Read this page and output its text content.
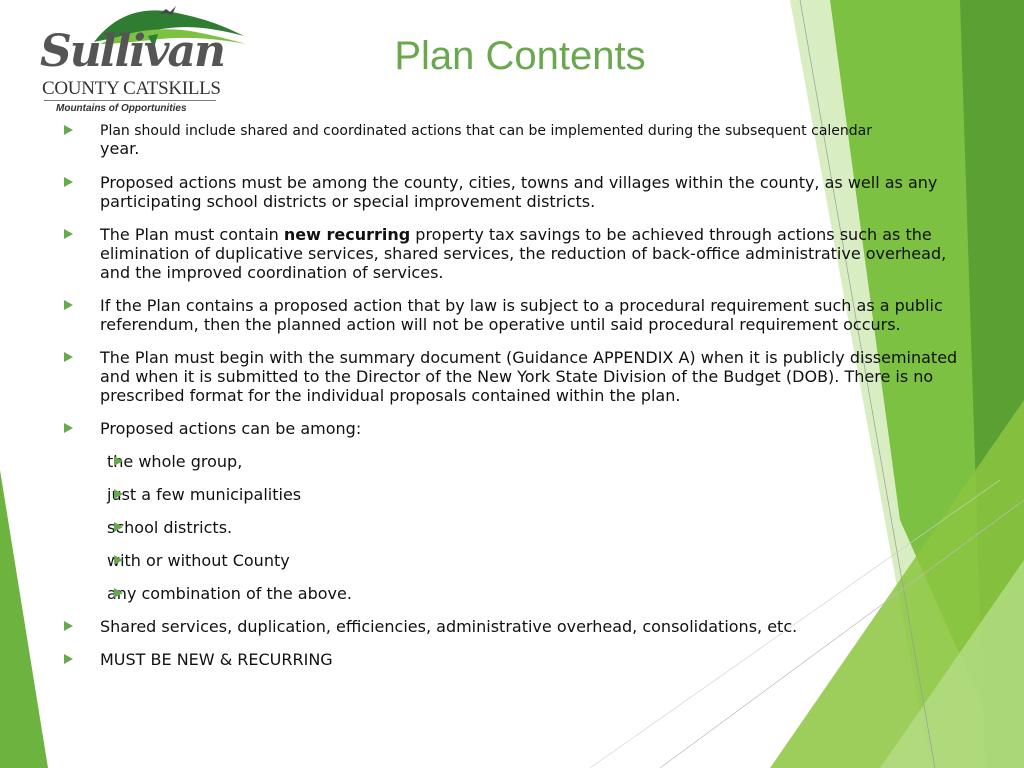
Sullivan

COUNTY CATSKILLS
Mountains of Opportunities
Plan Contents
Plan should include shared and coordinated actions that can be implemented during the subsequent calendar
year.
Proposed actions must be among the county, cities, towns and villages within the county, as well as any participating school districts or special improvement districts.
The Plan must contain new recurring property tax savings to be achieved through actions such as the elimination of duplicative services, shared services, the reduction of back-office administrative overhead, and the improved coordination of services.
If the Plan contains a proposed action that by law is subject to a procedural requirement such as a public referendum, then the planned action will not be operative until said procedural requirement occurs.
The Plan must begin with the summary document (Guidance APPENDIX A) when it is publicly disseminated and when it is submitted to the Director of the New York State Division of the Budget (DOB). There is no prescribed format for the individual proposals contained within the plan.
Proposed actions can be among:
the whole group,
just a few municipalities
school districts.
with or without County
any combination of the above.
Shared services, duplication, efficiencies, administrative overhead, consolidations, etc.
MUST BE NEW & RECURRING
